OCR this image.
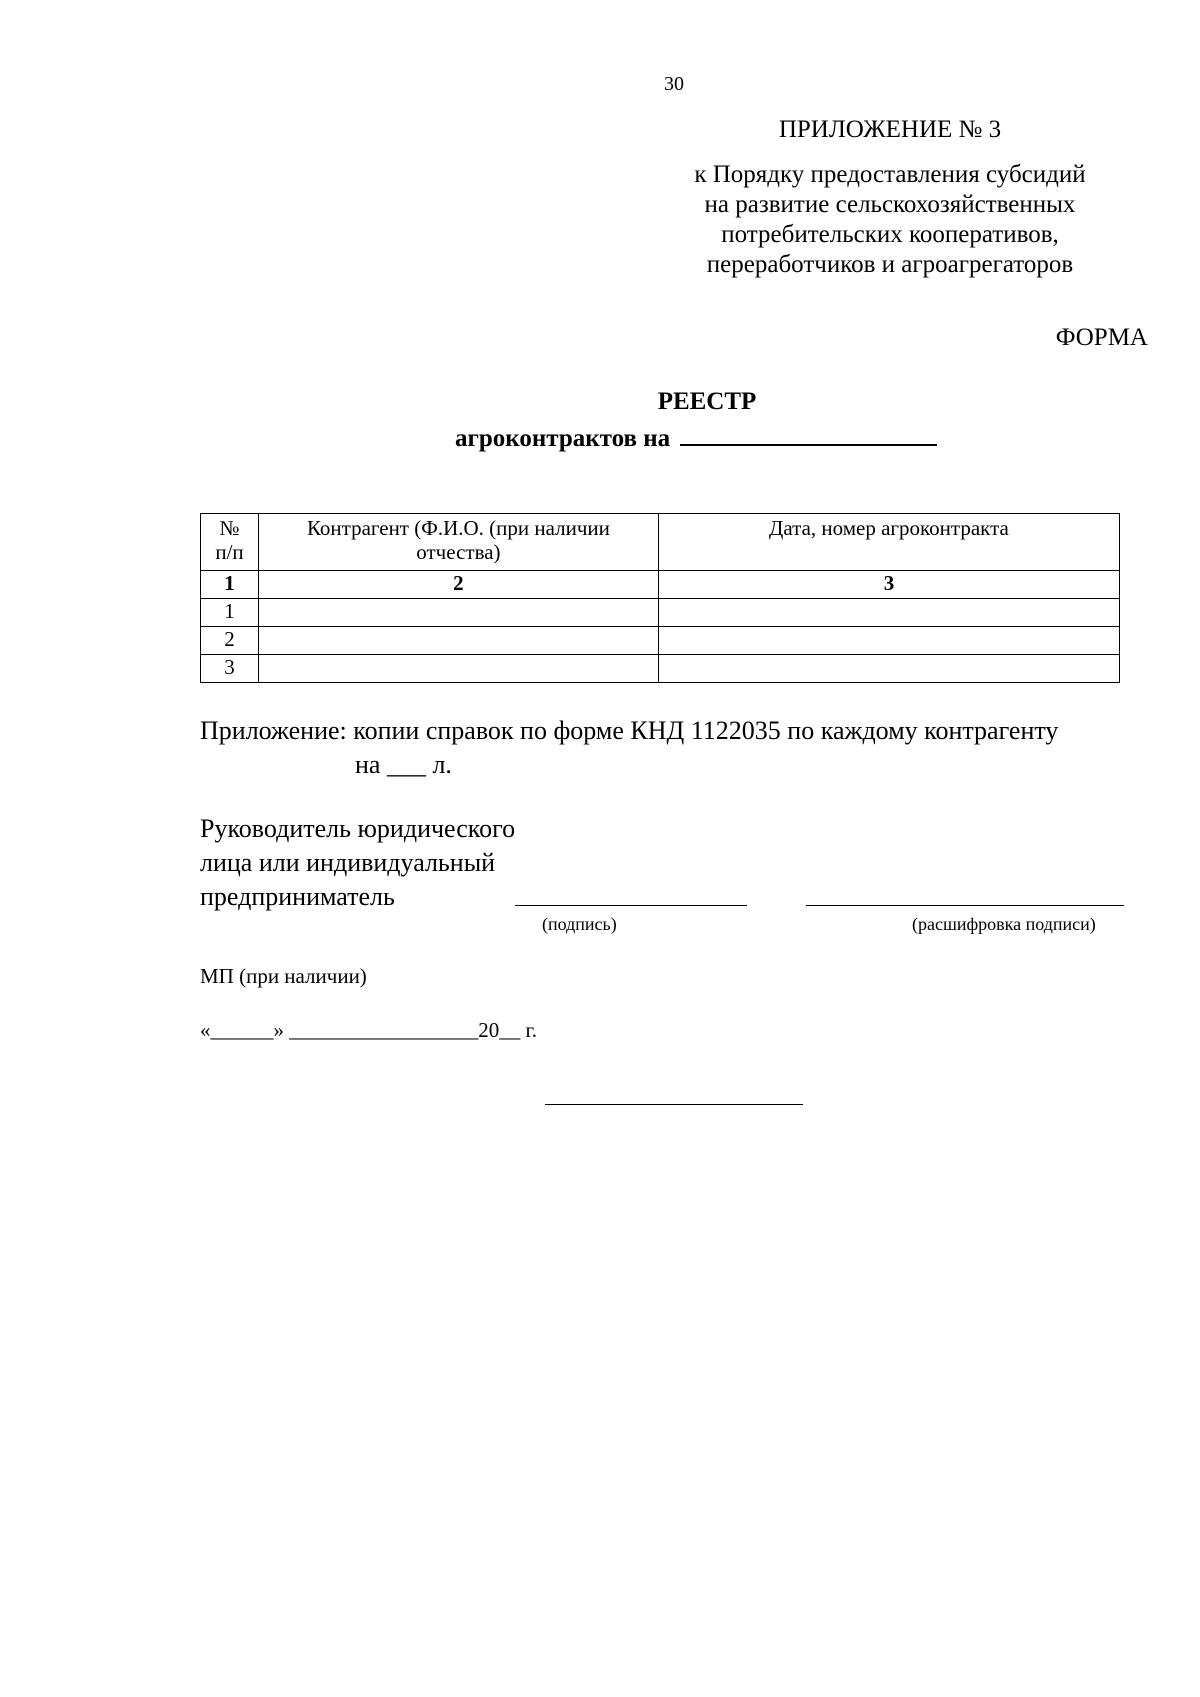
30
ПРИЛОЖЕНИЕ № 3
к Порядку предоставления субсидий
на развитие сельскохозяйственных
потребительских кооперативов,
переработчиков и агроагрегаторов
ФОРМА
РЕЕСТР
агроконтрактов на
№ п/п	Контрагент (Ф.И.О. (при наличии отчества)	Дата, номер агроконтракта
1	2	3
1		
2		
3		
Приложение: копии справок по форме КНД 1122035 по каждому контрагенту
на ___ л.
Руководитель юридического
лица или индивидуальный
предприниматель
(подпись)	(расшифровка подписи)
МП (при наличии)
«______» __________________20__ г.
